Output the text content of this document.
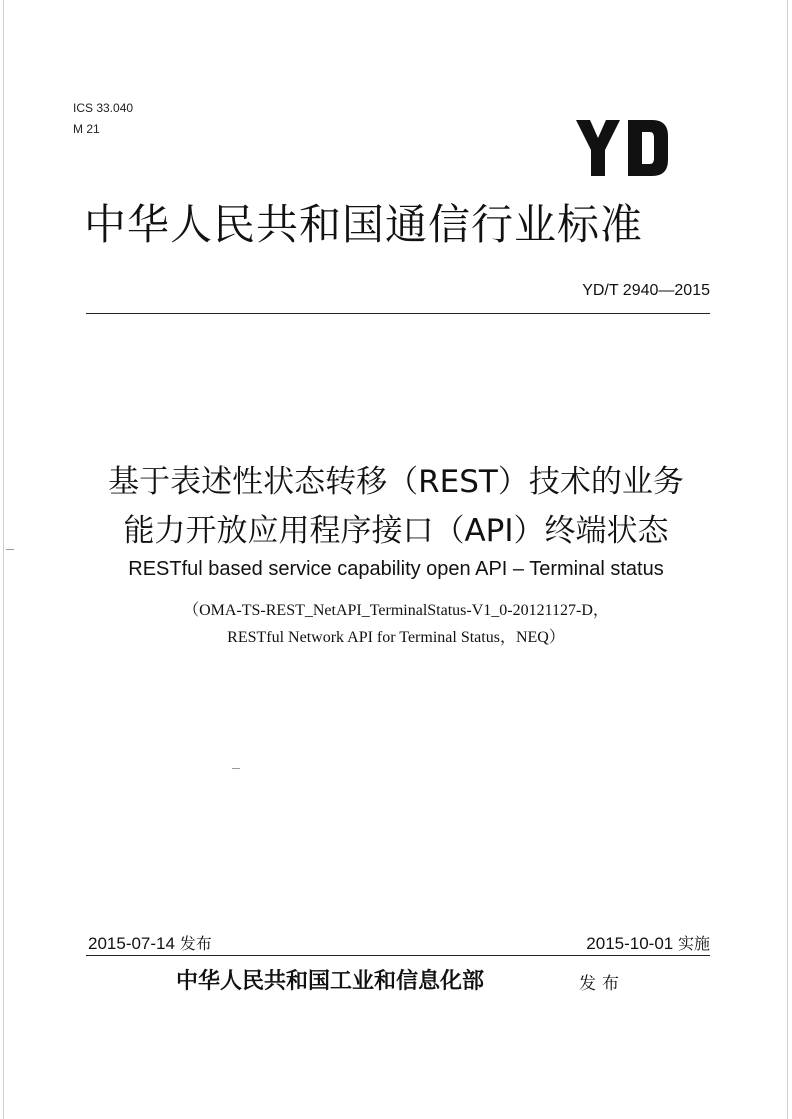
ICS 33.040
M 21
中华人民共和国通信行业标准
YD/T 2940—2015
基于表述性状态转移（REST）技术的业务
能力开放应用程序接口（API）终端状态
RESTful based service capability open API – Terminal status
（OMA-TS-REST_NetAPI_TerminalStatus-V1_0-20121127-D，
RESTful Network API for Terminal Status，NEQ）
2015-07-14 发布	2015-10-01 实施
中华人民共和国工业和信息化部	发布
